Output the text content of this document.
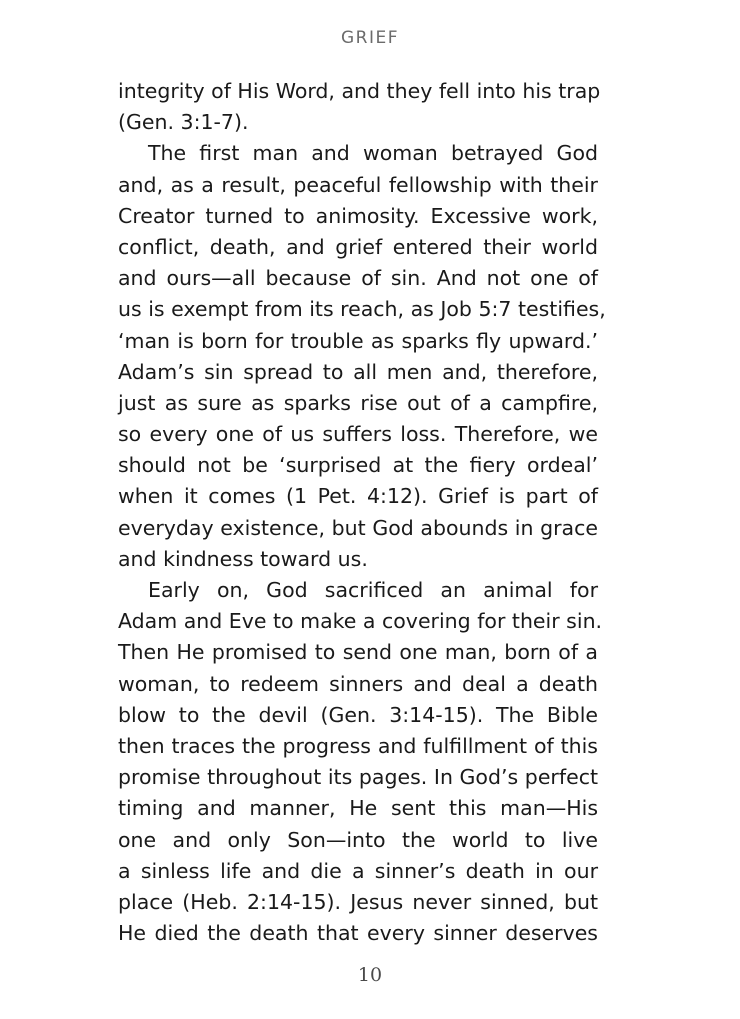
GRIEF
integrity of His Word, and they fell into his trap
(Gen. 3:1-7).
The first man and woman betrayed God
and, as a result, peaceful fellowship with their
Creator turned to animosity. Excessive work,
conflict, death, and grief entered their world
and ours—all because of sin. And not one of
us is exempt from its reach, as Job 5:7 testifies,
‘man is born for trouble as sparks fly upward.’
Adam’s sin spread to all men and, therefore,
just as sure as sparks rise out of a campfire,
so every one of us suffers loss. Therefore, we
should not be ‘surprised at the fiery ordeal’
when it comes (1 Pet. 4:12). Grief is part of
everyday existence, but God abounds in grace
and kindness toward us.
Early on, God sacrificed an animal for
Adam and Eve to make a covering for their sin.
Then He promised to send one man, born of a
woman, to redeem sinners and deal a death
blow to the devil (Gen. 3:14-15). The Bible
then traces the progress and fulfillment of this
promise throughout its pages. In God’s perfect
timing and manner, He sent this man—His
one and only Son—into the world to live
a sinless life and die a sinner’s death in our
place (Heb. 2:14-15). Jesus never sinned, but
He died the death that every sinner deserves
10
